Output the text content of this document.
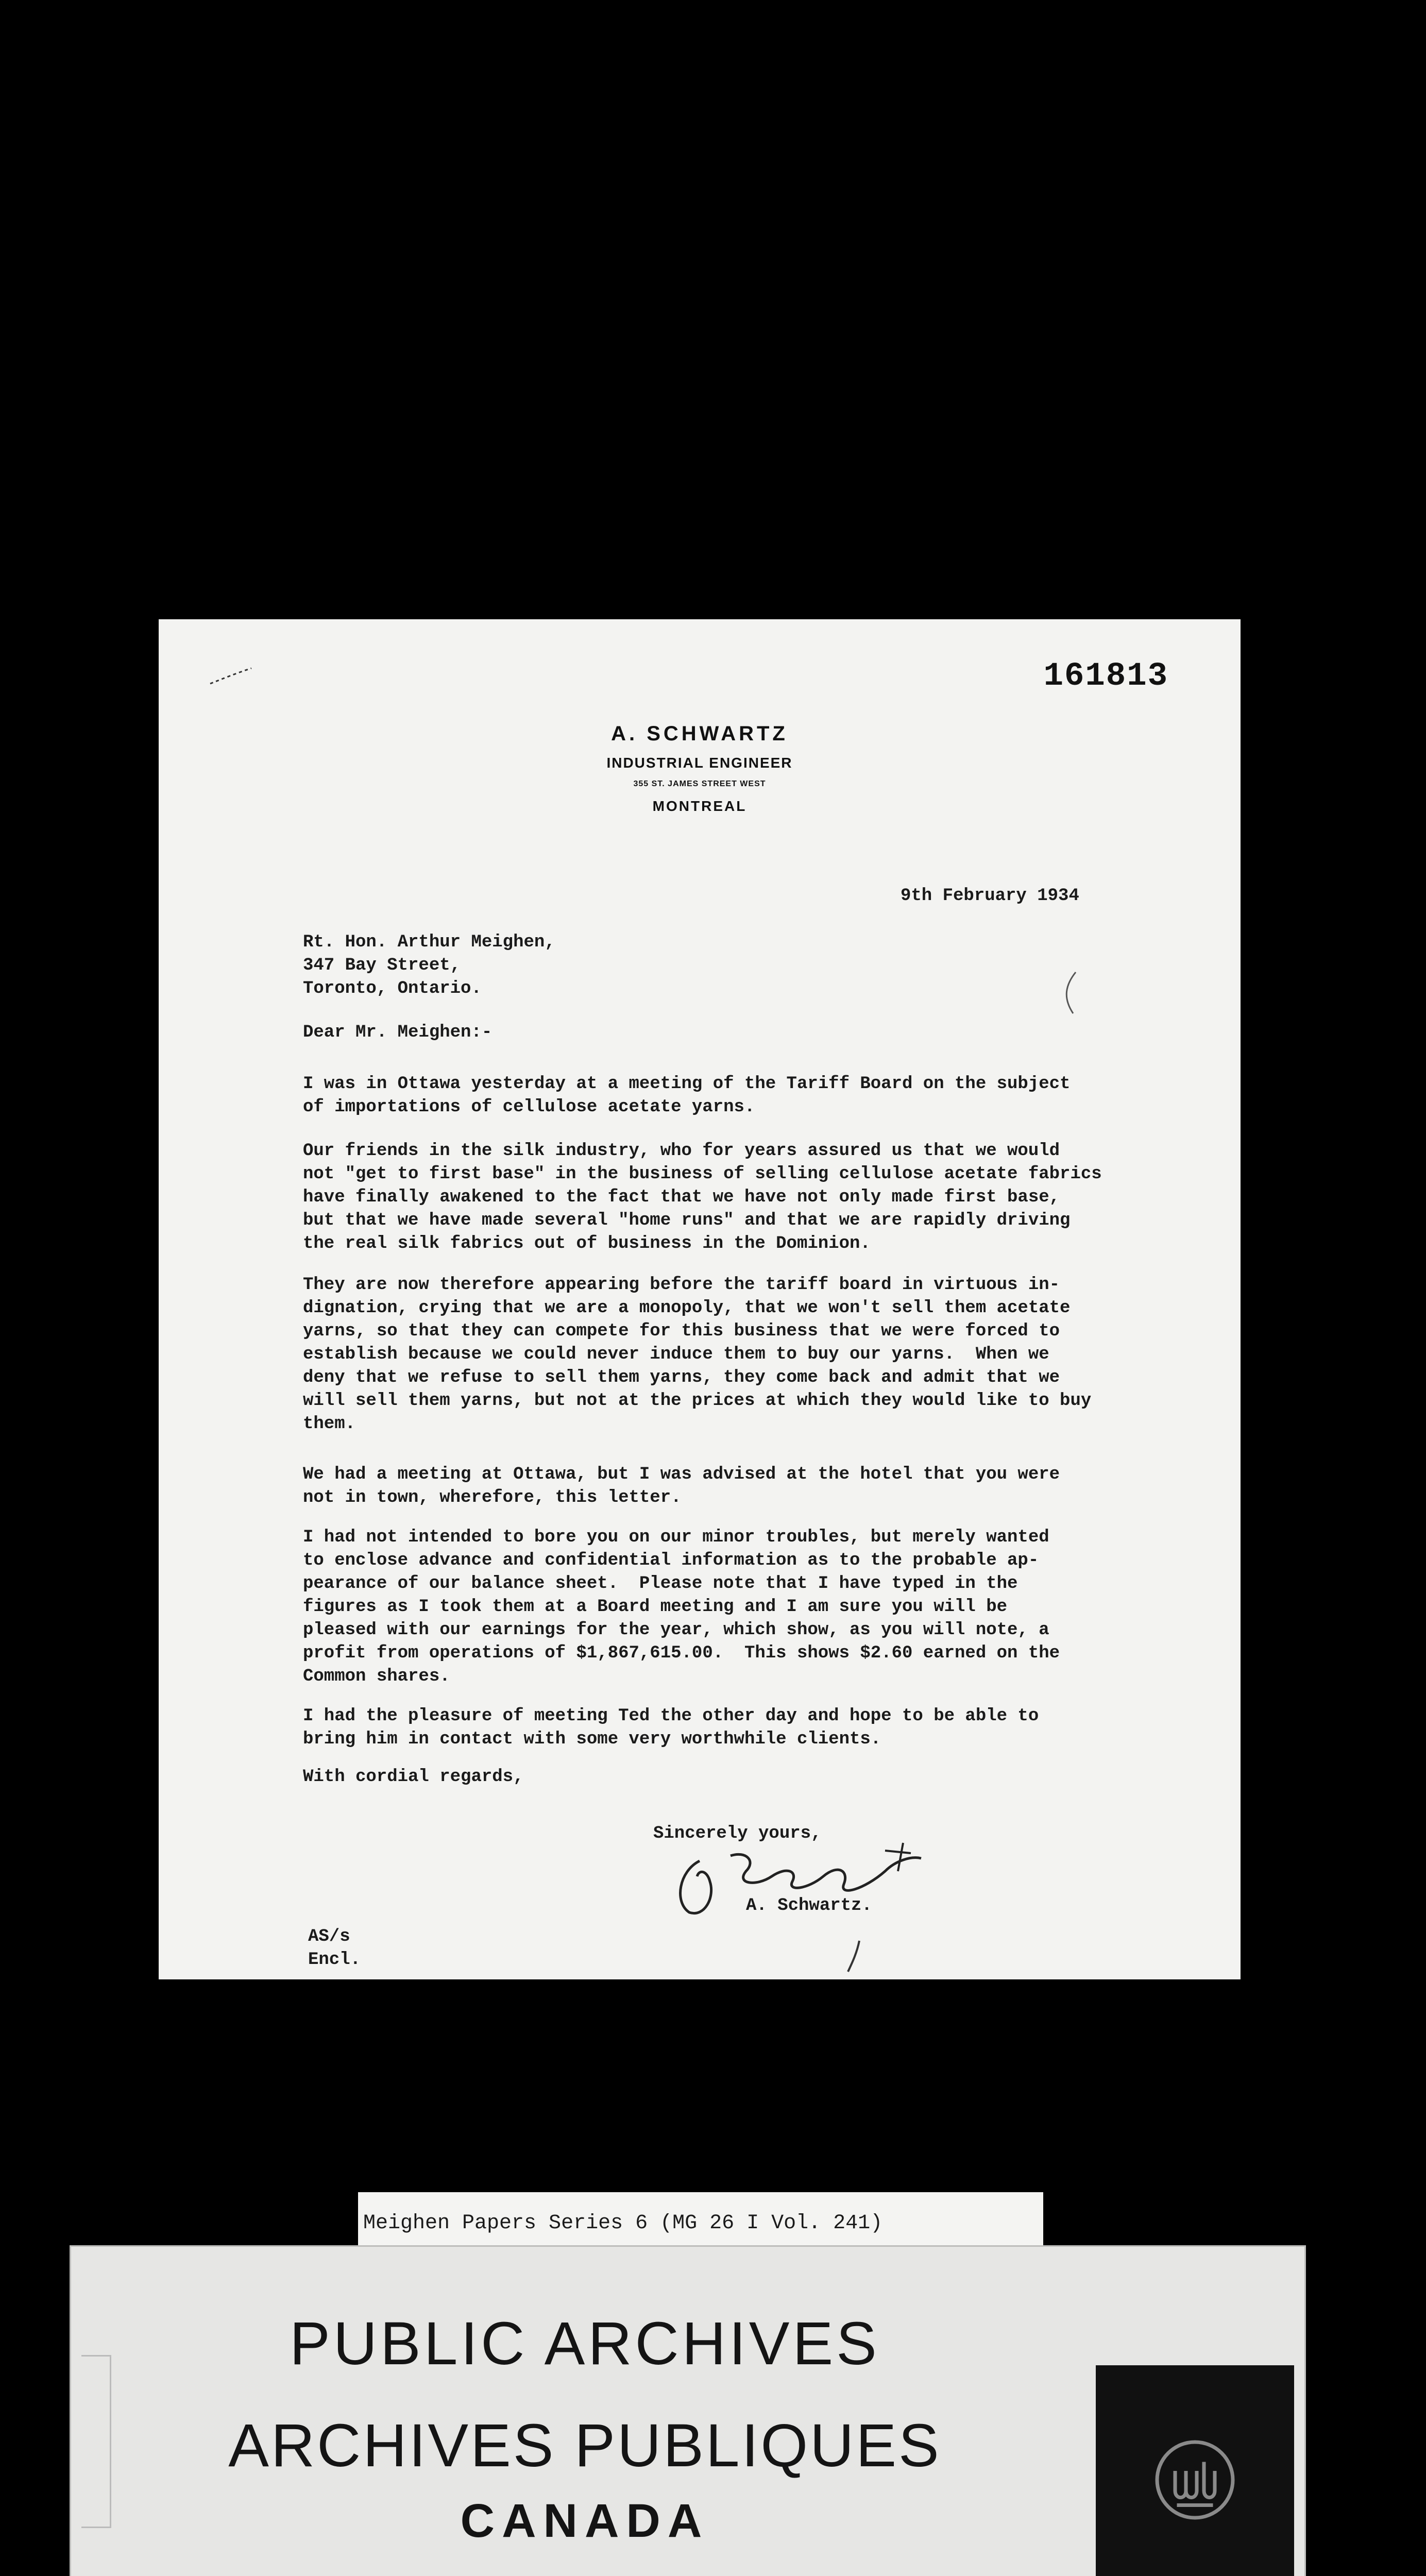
161813
A. SCHWARTZ
INDUSTRIAL ENGINEER
355 ST. JAMES STREET WEST
MONTREAL
9th February 1934
Rt. Hon. Arthur Meighen,
347 Bay Street,
Toronto, Ontario.
Dear Mr. Meighen:-
I was in Ottawa yesterday at a meeting of the Tariff Board on the subject
of importations of cellulose acetate yarns.
Our friends in the silk industry, who for years assured us that we would
not "get to first base" in the business of selling cellulose acetate fabrics
have finally awakened to the fact that we have not only made first base,
but that we have made several "home runs" and that we are rapidly driving
the real silk fabrics out of business in the Dominion.
They are now therefore appearing before the tariff board in virtuous in-
dignation, crying that we are a monopoly, that we won't sell them acetate
yarns, so that they can compete for this business that we were forced to
establish because we could never induce them to buy our yarns.  When we
deny that we refuse to sell them yarns, they come back and admit that we
will sell them yarns, but not at the prices at which they would like to buy
them.
We had a meeting at Ottawa, but I was advised at the hotel that you were
not in town, wherefore, this letter.
I had not intended to bore you on our minor troubles, but merely wanted
to enclose advance and confidential information as to the probable ap-
pearance of our balance sheet.  Please note that I have typed in the
figures as I took them at a Board meeting and I am sure you will be
pleased with our earnings for the year, which show, as you will note, a
profit from operations of $1,867,615.00.  This shows $2.60 earned on the
Common shares.
I had the pleasure of meeting Ted the other day and hope to be able to
bring him in contact with some very worthwhile clients.
With cordial regards,
Sincerely yours,
A. Schwartz.
AS/s
Encl.
Meighen Papers Series 6 (MG 26 I Vol. 241)
PUBLIC ARCHIVES
ARCHIVES PUBLIQUES
CANADA
